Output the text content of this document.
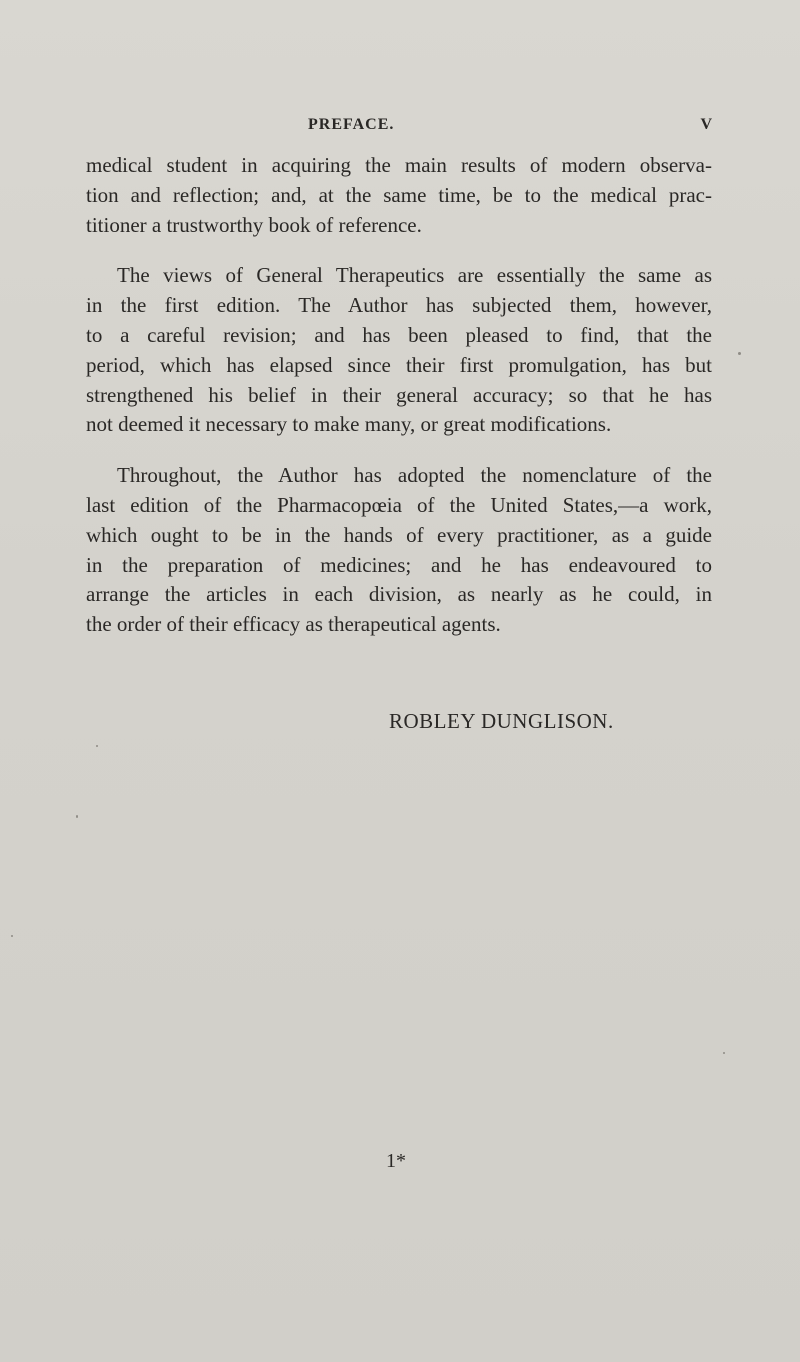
PREFACE.	V
medical student in acquiring the main results of modern observa-
tion and reflection; and, at the same time, be to the medical prac-
titioner a trustworthy book of reference.
The views of General Therapeutics are essentially the same as
in the first edition. The Author has subjected them, however,
to a careful revision; and has been pleased to find, that the
period, which has elapsed since their first promulgation, has but
strengthened his belief in their general accuracy; so that he has
not deemed it necessary to make many, or great modifications.
Throughout, the Author has adopted the nomenclature of the
last edition of the Pharmacopœia of the United States,—a work,
which ought to be in the hands of every practitioner, as a guide
in the preparation of medicines; and he has endeavoured to
arrange the articles in each division, as nearly as he could, in
the order of their efficacy as therapeutical agents.
ROBLEY DUNGLISON.
1*
